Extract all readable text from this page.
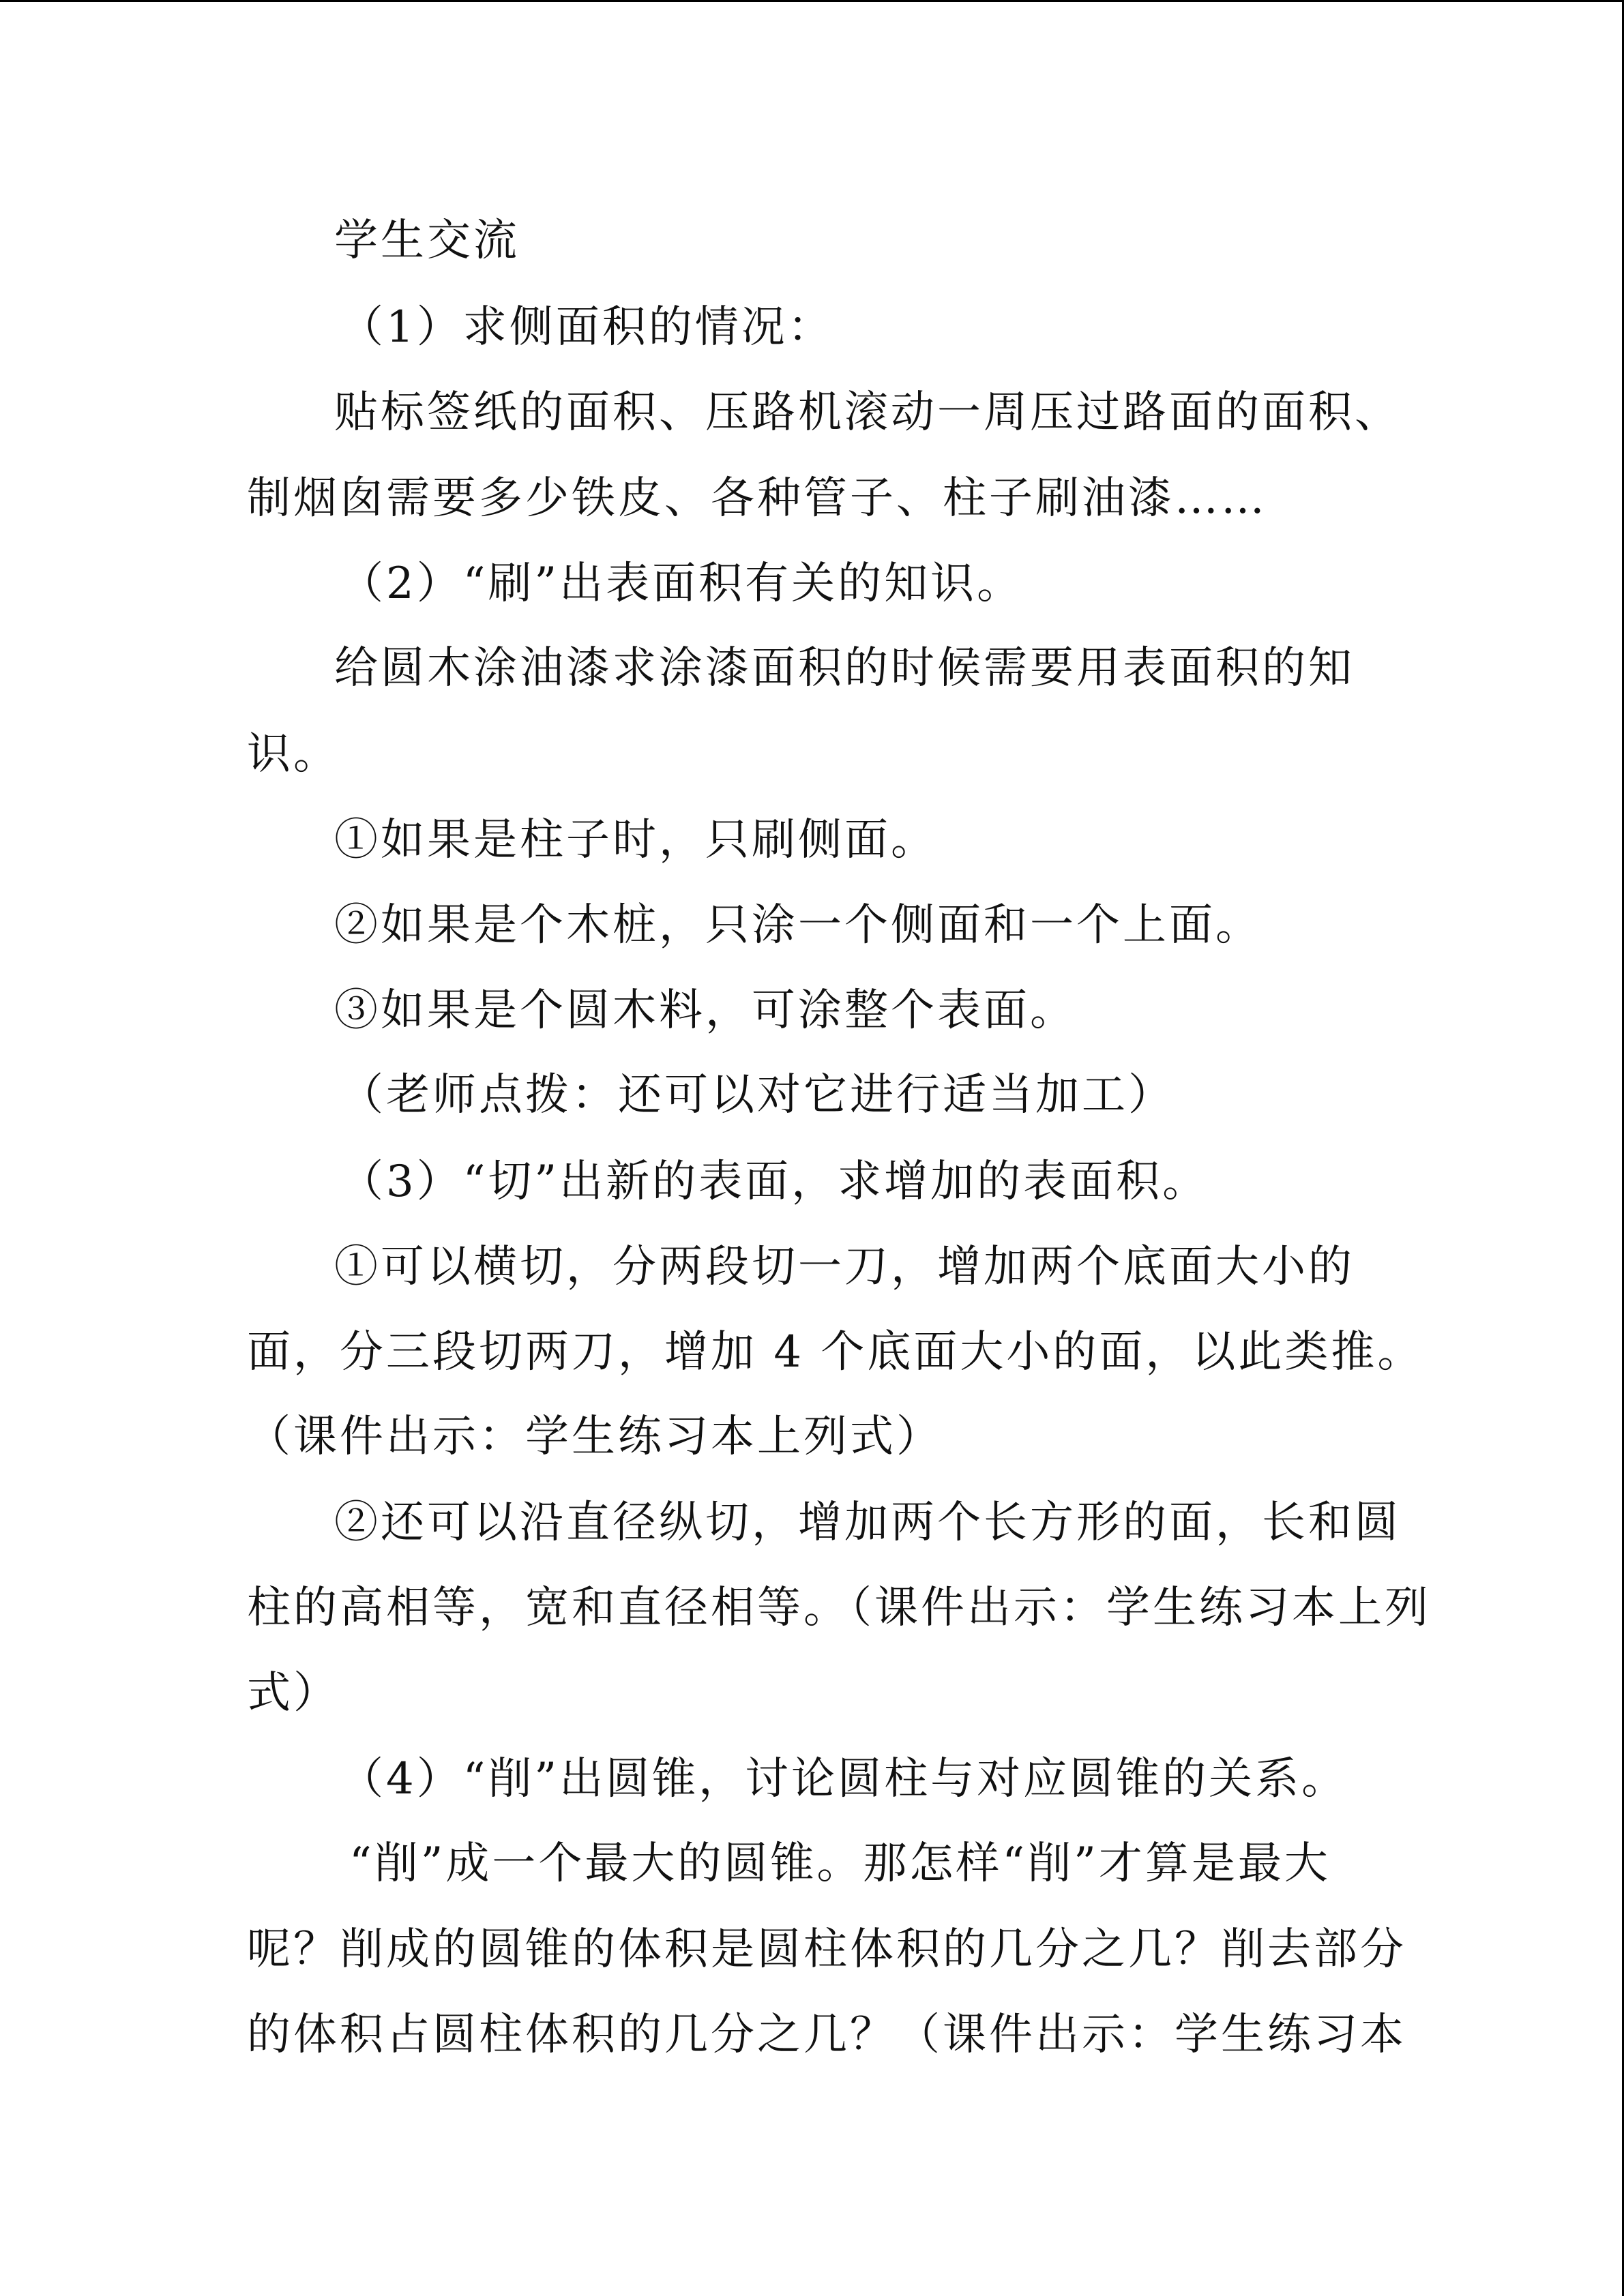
学生交流
（1）求侧面积的情况：
贴标签纸的面积、压路机滚动一周压过路面的面积、
制烟囱需要多少铁皮、各种管子、柱子刷油漆……
（2）“刷”出表面积有关的知识。
给圆木涂油漆求涂漆面积的时候需要用表面积的知
识。
①如果是柱子时，只刷侧面。
②如果是个木桩，只涂一个侧面和一个上面。
③如果是个圆木料，可涂整个表面。
（老师点拨：还可以对它进行适当加工）
（3）“切”出新的表面，求增加的表面积。
①可以横切，分两段切一刀，增加两个底面大小的
面，分三段切两刀，增加 4 个底面大小的面，以此类推。
（课件出示：学生练习本上列式）
②还可以沿直径纵切，增加两个长方形的面，长和圆
柱的高相等，宽和直径相等。（课件出示：学生练习本上列
式）
（4）“削”出圆锥，讨论圆柱与对应圆锥的关系。
“削”成一个最大的圆锥。那怎样“削”才算是最大
呢？削成的圆锥的体积是圆柱体积的几分之几？削去部分
的体积占圆柱体积的几分之几？（课件出示：学生练习本
